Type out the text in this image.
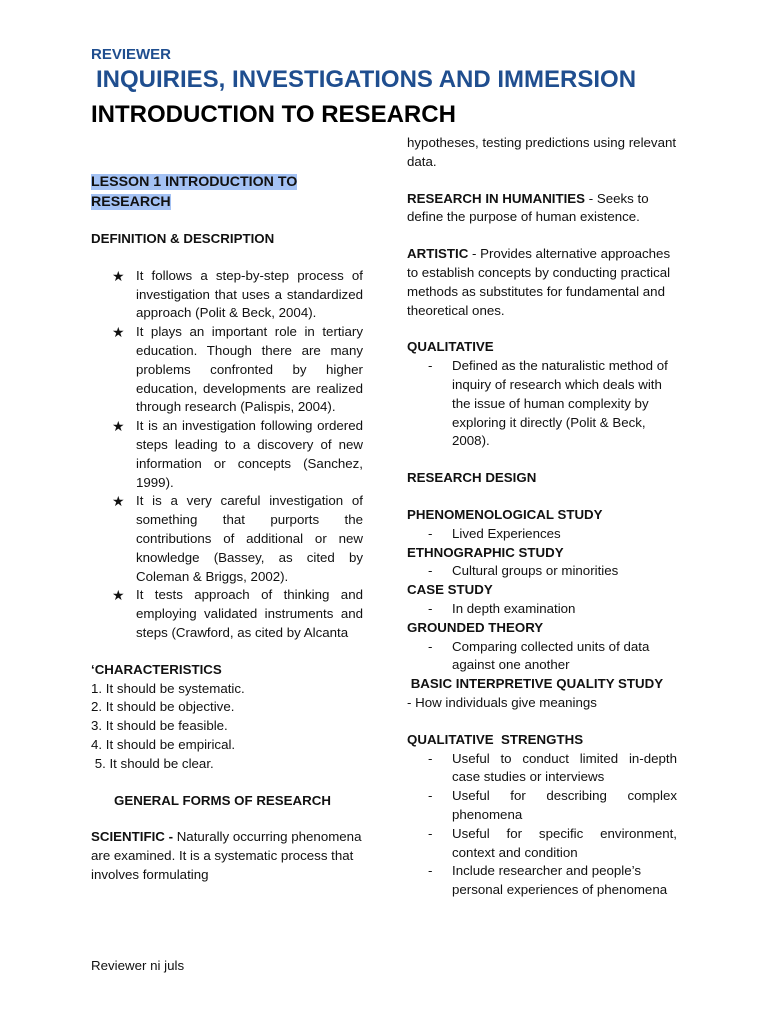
REVIEWER
INQUIRIES, INVESTIGATIONS AND IMMERSION
INTRODUCTION TO RESEARCH
LESSON 1 INTRODUCTION TO
RESEARCH

DEFINITION & DESCRIPTION

★ It follows a step-by-step process of investigation that uses a standardized approach (Polit & Beck, 2004).
★ It plays an important role in tertiary education. Though there are many problems confronted by higher education, developments are realized through research (Palispis, 2004).
★ It is an investigation following ordered steps leading to a discovery of new information or concepts (Sanchez, 1999).
★ It is a very careful investigation of something that purports the contributions of additional or new knowledge (Bassey, as cited by Coleman & Briggs, 2002).
★ It tests approach of thinking and employing validated instruments and steps (Crawford, as cited by Alcanta

‘CHARACTERISTICS

1. It should be systematic.

2. It should be objective.

3. It should be feasible.

4. It should be empirical.

5. It should be clear.

GENERAL FORMS OF RESEARCH

SCIENTIFIC - Naturally occurring phenomena are examined. It is a systematic process that involves formulating

hypotheses, testing predictions using relevant data.

RESEARCH IN HUMANITIES - Seeks to define the purpose of human existence.

ARTISTIC - Provides alternative approaches to establish concepts by conducting practical methods as substitutes for fundamental and theoretical ones.

QUALITATIVE

- Defined as the naturalistic method of inquiry of research which deals with the issue of human complexity by exploring it directly (Polit & Beck, 2008).

RESEARCH DESIGN

PHENOMENOLOGICAL STUDY

- Lived Experiences

ETHNOGRAPHIC STUDY

- Cultural groups or minorities

CASE STUDY

- In depth examination

GROUNDED THEORY

- Comparing collected units of data against one another

BASIC INTERPRETIVE QUALITY STUDY

- How individuals give meanings

QUALITATIVE  STRENGTHS

- Useful to conduct limited in-depth case studies or interviews
- Useful for describing complex phenomena
- Useful for specific environment, context and condition
- Include researcher and people’s personal experiences of phenomena
Reviewer ni juls
